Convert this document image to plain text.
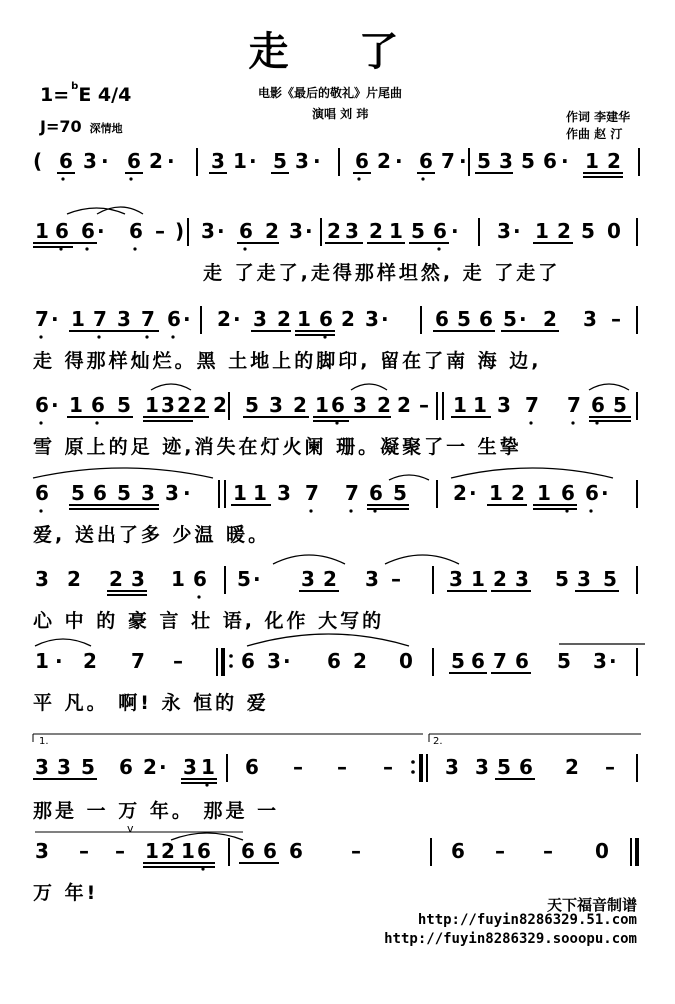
走 了
1= $^b$E 4/4
J=70 深情地
电影《最后的敬礼》片尾曲
演唱 刘 玮	作词 李建华
作曲 赵 汀
( 6 3 · 6 2 · 3 1 · 5 3 · 6 2 · 6 7 · 5 3 5 6 · 1 2
1 6 6 · 6 – ) 3 · 6 2 3 · 2 3 2 1 5 6 · 3 · 1 2 5 0
走 了走了,走得那样坦然, 走 了走了
7 · 1 7 3 7 6 · 2 · 3 2 1 6 2 3 · 6 5 6 5 · 2 3 –
走 得那样灿烂。黑 土地上的脚印, 留在了南 海 边,
6 · 1 6 5 1 3 2 2 2 5 3 2 1 6 3 2 2 – 1 1 3 7 7 6 5
雪 原上的足 迹,消失在灯火阑 珊。凝聚了一 生挚
6 5 6 5 3 3 · 1 1 3 7 7 6 5 2 · 1 2 1 6 6 ·
爱, 送出了多 少温 暖。
3 2 2 3 1 6 5 · 3 2 3 – 3 1 2 3 5 3 5
心 中 的 豪 言 壮 语, 化作 大写的
1 · 2 7 –	6 3 · 6 2 0 5 6 7 6 5 3 ·
平 凡。 啊! 永 恒的 爱
1.	2.
3 3 5 6 2 · 3 1 6 – – –	3 3 5 6 2 –
那是 一 万 年。 那是 一
v
3 – – 1 2 1 6 6 6 6 –	6 – – 0
万 年!
天下福音制谱
http://fuyin8286329.51.com
http://fuyin8286329.sooopu.com
